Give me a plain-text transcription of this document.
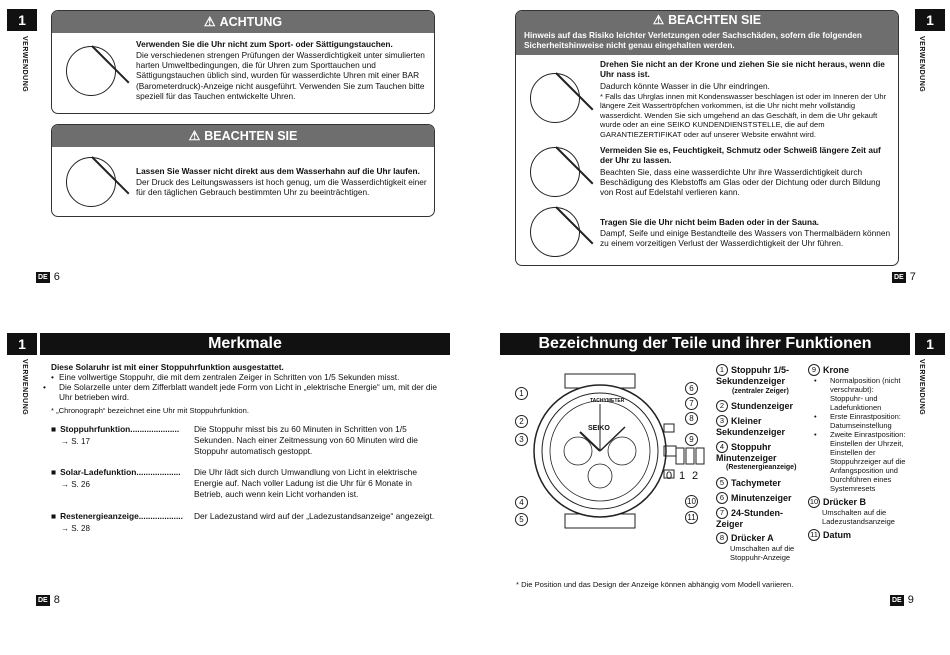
1
VERWENDUNG
⚠ ACHTUNG
Verwenden Sie die Uhr nicht zum Sport- oder Sättigungstauchen.
Die verschiedenen strengen Prüfungen der Wasserdichtigkeit unter simulierten harten Umweltbedingungen, die für Uhren zum Sporttauchen und Sättigungstauchen üblich sind, wurden für wasserdichte Uhren mit einer BAR (Barometerdruck)-Anzeige nicht ausgeführt. Verwenden Sie zum Tauchen bitte speziell für das Tauchen entwickelte Uhren.
⚠ BEACHTEN SIE
Lassen Sie Wasser nicht direkt aus dem Wasserhahn auf die Uhr laufen.
Der Druck des Leitungswassers ist hoch genug, um die Wasserdichtigkeit einer für den täglichen Gebrauch bestimmten Uhr zu beeinträchtigen.
DE 6
1
VERWENDUNG
⚠ BEACHTEN SIE
Hinweis auf das Risiko leichter Verletzungen oder Sachschäden, sofern die folgenden Sicherheitshinweise nicht genau eingehalten werden.
Drehen Sie nicht an der Krone und ziehen Sie sie nicht heraus, wenn die Uhr nass ist.
Dadurch könnte Wasser in die Uhr eindringen.
* Falls das Uhrglas innen mit Kondenswasser beschlagen ist oder im Inneren der Uhr längere Zeit Wassertröpfchen vorkommen, ist die Uhr nicht mehr vollständig wasserdicht. Wenden Sie sich umgehend an das Geschäft, in dem die Uhr gekauft wurde oder an eine SEIKO KUNDENDIENSTSTELLE, die auf dem GARANTIEZERTIFIKAT oder auf unserer Website erwähnt wird.
Vermeiden Sie es, Feuchtigkeit, Schmutz oder Schweiß längere Zeit auf der Uhr zu lassen.
Beachten Sie, dass eine wasserdichte Uhr ihre Wasserdichtigkeit durch Beschädigung des Klebstoffs am Glas oder der Dichtung oder durch Bildung von Rost auf Edelstahl verlieren kann.
Tragen Sie die Uhr nicht beim Baden oder in der Sauna.
Dampf, Seife und einige Bestandteile des Wassers von Thermalbädern können zu einem vorzeitigen Verlust der Wasserdichtigkeit der Uhr führen.
DE 7
1
VERWENDUNG
Merkmale
Diese Solaruhr ist mit einer Stoppuhrfunktion ausgestattet.
• Eine vollwertige Stoppuhr, die mit dem zentralen Zeiger in Schritten von 1/5 Sekunden misst.
• Die Solarzelle unter dem Zifferblatt wandelt jede Form von Licht in „elektrische Energie“ um, mit der die Uhr betrieben wird.
* „Chronograph“ bezeichnet eine Uhr mit Stoppuhrfunktion.
■ Stoppuhrfunktion.....................
→ S. 17
Die Stoppuhr misst bis zu 60 Minuten in Schritten von 1/5 Sekunden. Nach einer Zeitmessung von 60 Minuten wird die Stoppuhr automatisch gestoppt.
■ Solar-Ladefunktion...................
→ S. 26
Die Uhr lädt sich durch Umwandlung von Licht in elektrische Energie auf. Nach voller Ladung ist die Uhr für 6 Monate in Betrieb, auch wenn kein Licht vorhanden ist.
■ Restenergieanzeige...................
→ S. 28
Der Ladezustand wird auf der „Ladezustandsanzeige“ angezeigt.
DE 8
Bezeichnung der Teile und ihrer Funktionen	1
VERWENDUNG
TACHYMETER
SEIKO
0 1 2
1
2
3
4
5
6
7
8
9
10
11
1 Stoppuhr 1/5-Sekundenzeiger
(zentraler Zeiger)
2 Stundenzeiger
3 Kleiner Sekundenzeiger
4 Stoppuhr Minutenzeiger
(Restenergieanzeige)
5 Tachymeter
6 Minutenzeiger
7 24-Stunden-Zeiger
8 Drücker A
Umschalten auf die Stoppuhr-Anzeige
9 Krone
• Normalposition (nicht verschraubt): Stoppuhr- und Ladefunktionen
• Erste Einrastposition: Datumseinstellung
• Zweite Einrastposition: Einstellen der Uhrzeit, Einstellen der Stoppuhrzeiger auf die Anfangsposition und Durchführen eines Systemresets
10 Drücker B
Umschalten auf die Ladezustandsanzeige
11 Datum
* Die Position und das Design der Anzeige können abhängig vom Modell variieren.
DE 9
